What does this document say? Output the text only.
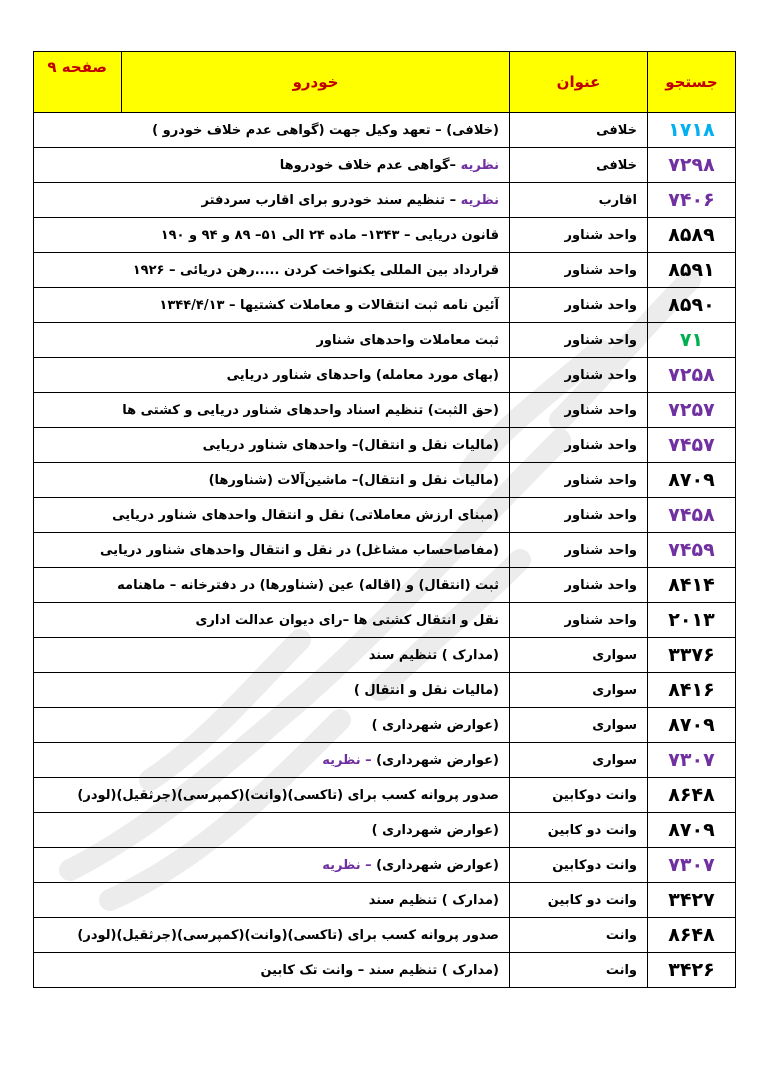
جستجو	عنوان	خودرو	صفحه ۹
۱۷۱۸	خلافی	(خلافی) – تعهد وکیل جهت (گواهی عدم خلاف خودرو )	
۷۲۹۸	خلافی	نظریه –گواهی عدم خلاف خودروها	
۷۴۰۶	اقارب	نظریه – تنظیم سند خودرو برای اقارب سردفتر	
۸۵۸۹	واحد شناور	قانون دریایی – ۱۳۴۳– ماده ۲۴ الی ۵۱– ۸۹ و ۹۴ و ۱۹۰	
۸۵۹۱	واحد شناور	قرارداد بین المللی یکنواخت کردن .....رهن دریائی – ۱۹۲۶	
۸۵۹۰	واحد شناور	آئین نامه ثبت انتقالات و معاملات کشتیها – ۱۳۴۴/۴/۱۳	
۷۱	واحد شناور	ثبت معاملات واحدهای شناور	
۷۲۵۸	واحد شناور	(بهای مورد معامله) واحدهای شناور دریایی	
۷۲۵۷	واحد شناور	(حق الثبت) تنظیم اسناد واحدهای شناور دریایی و کشتی ها	
۷۴۵۷	واحد شناور	(مالیات نقل و انتقال)– واحدهای شناور دریایی	
۸۷۰۹	واحد شناور	(مالیات نقل و انتقال)– ماشین‌آلات (شناورها)	
۷۴۵۸	واحد شناور	(مبنای ارزش معاملاتی) نقل و انتقال واحدهای شناور دریایی	
۷۴۵۹	واحد شناور	(مفاصاحساب مشاغل) در نقل و انتقال واحدهای شناور دریایی	
۸۴۱۴	واحد شناور	ثبت (انتقال) و (اقاله) عین (شناورها) در دفترخانه – ماهنامه	
۲۰۱۳	واحد شناور	نقل و انتقال کشتی ها –رای دیوان عدالت اداری	
۳۳۷۶	سواری	(مدارک ) تنظیم سند	
۸۴۱۶	سواری	(مالیات نقل و انتقال )	
۸۷۰۹	سواری	(عوارض شهرداری )	
۷۳۰۷	سواری	(عوارض شهرداری) – نظریه	
۸۶۴۸	وانت دوکابین	صدور پروانه کسب برای (تاکسی)(وانت)(کمپرسی)(جرثقیل)(لودر)	
۸۷۰۹	وانت دو کابین	(عوارض شهرداری )	
۷۳۰۷	وانت دوکابین	(عوارض شهرداری) – نظریه	
۳۴۲۷	وانت دو کابین	(مدارک ) تنظیم سند	
۸۶۴۸	وانت	صدور پروانه کسب برای (تاکسی)(وانت)(کمپرسی)(جرثقیل)(لودر)	
۳۴۲۶	وانت	(مدارک ) تنظیم سند – وانت تک کابین	
